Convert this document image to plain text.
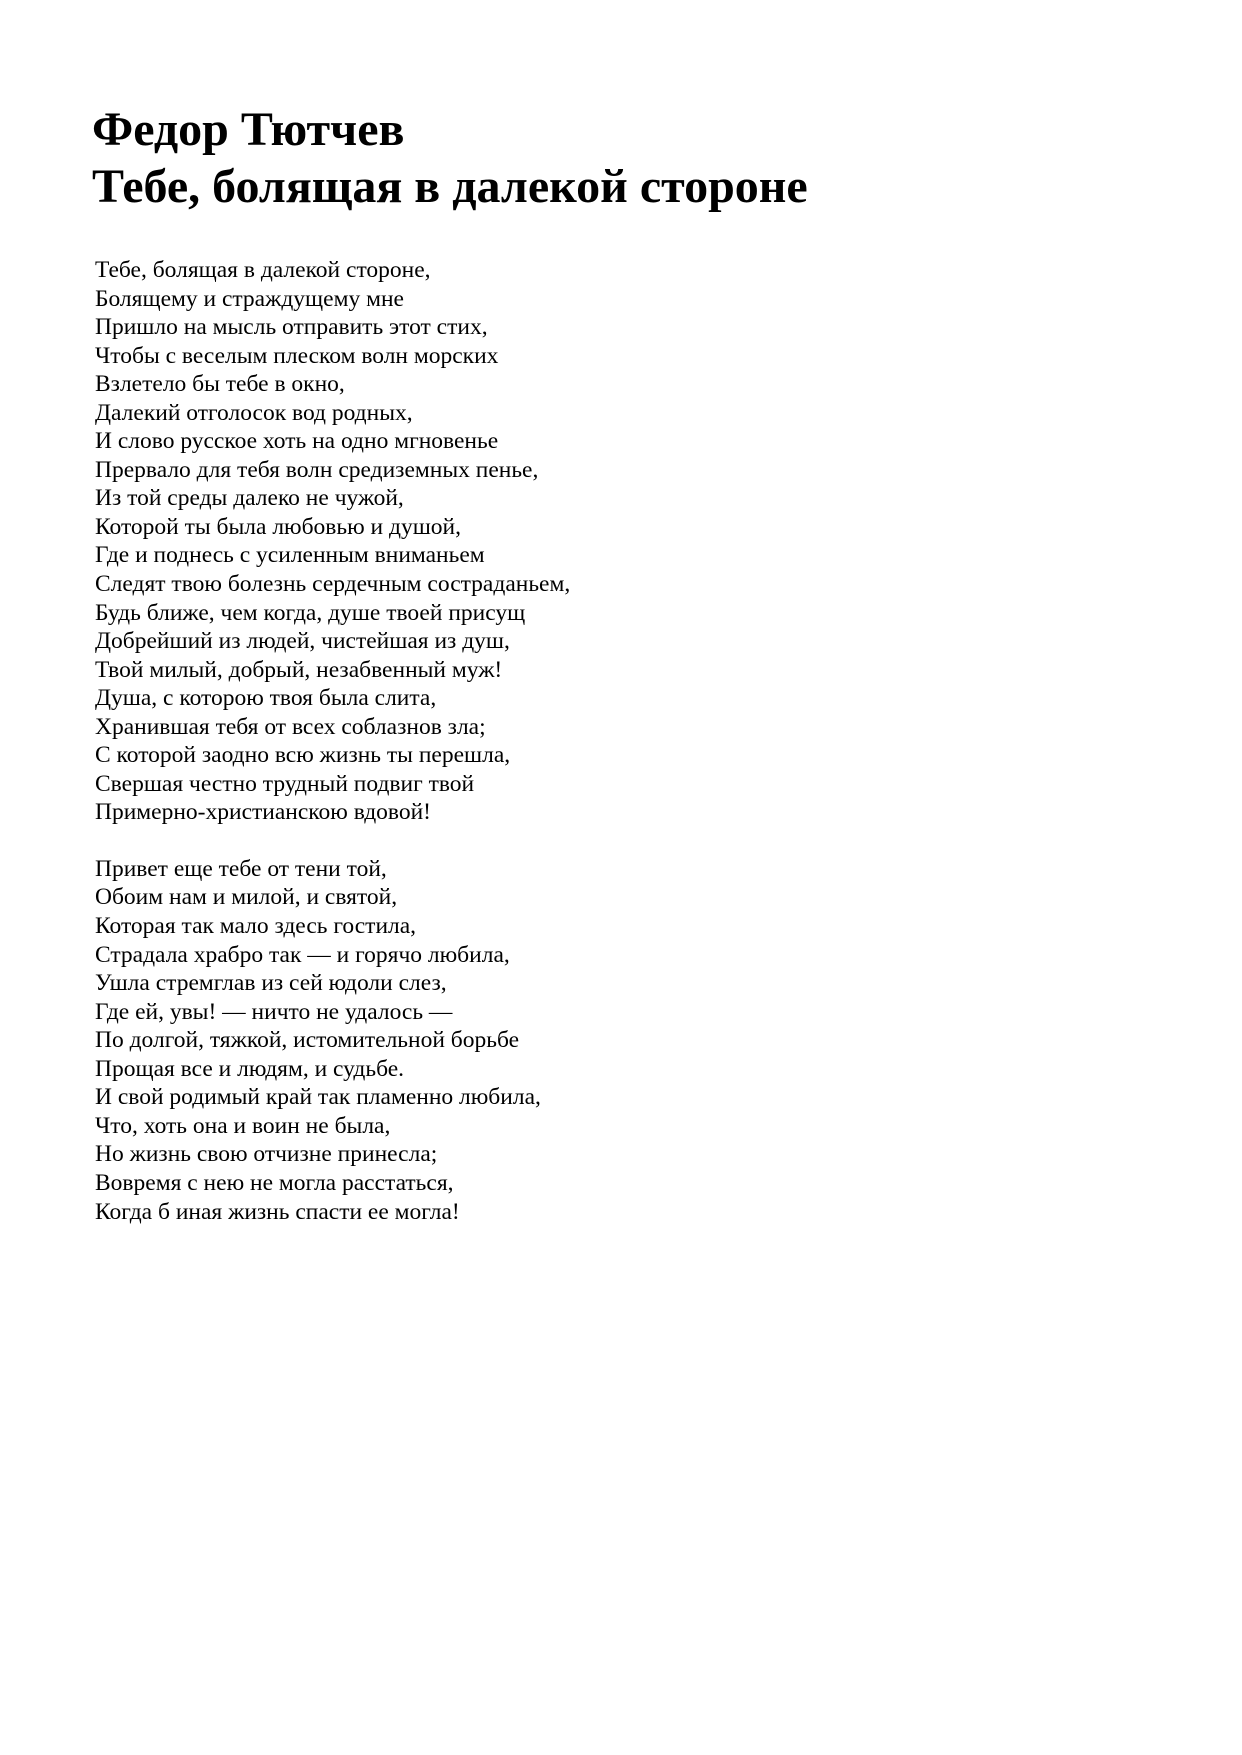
Федор Тютчев
Тебе, болящая в далекой стороне
Тебе, болящая в далекой стороне,
Болящему и страждущему мне
Пришло на мысль отправить этот стих,
Чтобы с веселым плеском волн морских
Взлетело бы тебе в окно,
Далекий отголосок вод родных,
И слово русское хоть на одно мгновенье
Прервало для тебя волн средиземных пенье,
Из той среды далеко не чужой,
Которой ты была любовью и душой,
Где и поднесь с усиленным вниманьем
Следят твою болезнь сердечным состраданьем,
Будь ближе, чем когда, душе твоей присущ
Добрейший из людей, чистейшая из душ,
Твой милый, добрый, незабвенный муж!
Душа, с которою твоя была слита,
Хранившая тебя от всех соблазнов зла;
С которой заодно всю жизнь ты перешла,
Свершая честно трудный подвиг твой
Примерно-христианскою вдовой!
Привет еще тебе от тени той,
Обоим нам и милой, и святой,
Которая так мало здесь гостила,
Страдала храбро так — и горячо любила,
Ушла стремглав из сей юдоли слез,
Где ей, увы! — ничто не удалось —
По долгой, тяжкой, истомительной борьбе
Прощая все и людям, и судьбе.
И свой родимый край так пламенно любила,
Что, хоть она и воин не была,
Но жизнь свою отчизне принесла;
Вовремя с нею не могла расстаться,
Когда б иная жизнь спасти ее могла!
